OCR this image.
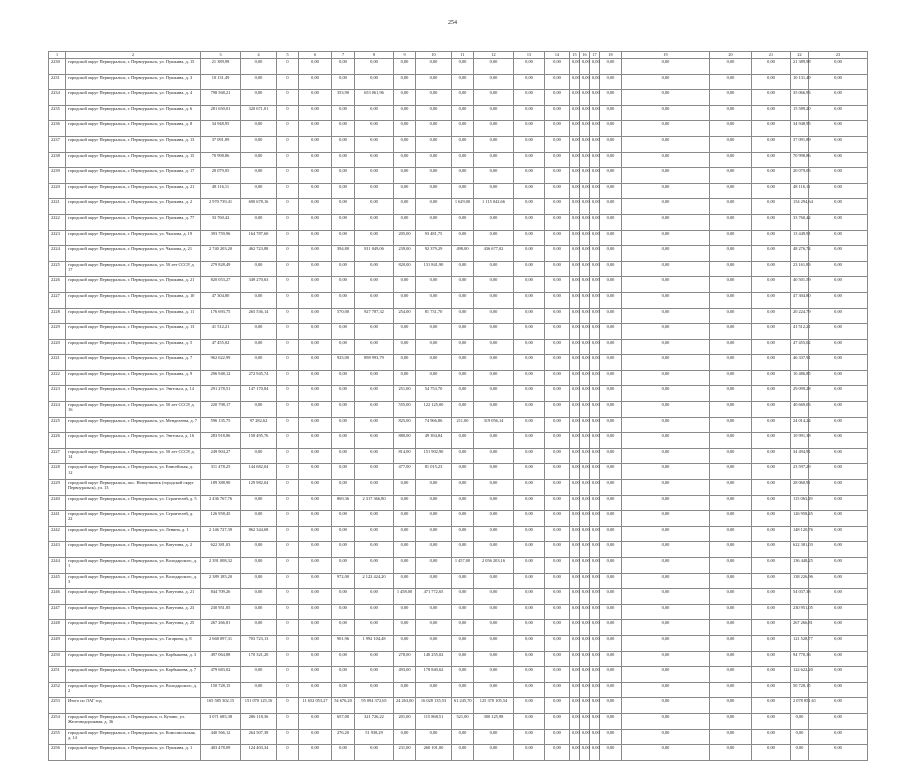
254
1	2	3	4	5	6	7	8	9	10	11	12	13	14	15	16	17	18	19	20	21	22	23	
2230	городской округ Первоуральск, г. Первоуральск, ул. Пушкина, д. 15	21 389,98	0,00	0	0,00	0,00	0,00	0,00	0,00	0,00	0,00	0,00	0,00	0,00	0,00	0,00	0,00	0,00	0,00	0,00	21 389,98	0,00	
2231	городской округ Первоуральск, г. Первоуральск, ул. Пушкина, д. 3	10 131,49	0,00	0	0,00	0,00	0,00	0,00	0,00	0,00	0,00	0,00	0,00	0,00	0,00	0,00	0,00	0,00	0,00	0,00	10 131,49	0,00	
2234	городской округ Первоуральск, г. Первоуральск, ул. Пушкина, д. 4	798 568,21	0,00	0	0,00	353,90	653 061,96	0,00	0,00	0,00	0,00	0,00	0,00	0,00	0,00	0,00	0,00	0,00	0,00	0,00	35 066,93	0,00	
2235	городской округ Первоуральск, г. Первоуральск, ул. Пушкина, д. 6	281 650,01	320 671,01	0	0,00	0,00	0,00	0,00	0,00	0,00	0,00	0,00	0,00	0,00	0,00	0,00	0,00	0,00	0,00	0,00	15 589,20	0,00	
2236	городской округ Первоуральск, г. Первоуральск, ул. Пушкина, д. 8	34 948,95	0,00	0	0,00	0,00	0,00	0,00	0,00	0,00	0,00	0,00	0,00	0,00	0,00	0,00	0,00	0,00	0,00	0,00	34 948,95	0,00	
2237	городской округ Первоуральск, г. Первоуральск, ул. Пушкина, д. 13	37 091,89	0,00	0	0,00	0,00	0,00	0,00	0,00	0,00	0,00	0,00	0,00	0,00	0,00	0,00	0,00	0,00	0,00	0,00	37 091,89	0,00	
2238	городской округ Первоуральск, г. Первоуральск, ул. Пушкина, д. 15	70 998,86	0,00	0	0,00	0,00	0,00	0,00	0,00	0,00	0,00	0,00	0,00	0,00	0,00	0,00	0,00	0,00	0,00	0,00	70 998,86	0,00	
2239	городской округ Первоуральск, г. Первоуральск, ул. Пушкина, д. 17	20 079,05	0,00	0	0,00	0,00	0,00	0,00	0,00	0,00	0,00	0,00	0,00	0,00	0,00	0,00	0,00	0,00	0,00	0,00	20 079,05	0,00	
2220	городской округ Первоуральск, г. Первоуральск, ул. Пушкина, д. 21	48 116,11	0,00	0	0,00	0,00	0,00	0,00	0,00	0,00	0,00	0,00	0,00	0,00	0,00	0,00	0,00	0,00	0,00	0,00	48 116,11	0,00	
2221	городской округ Первоуральск, г. Первоуральск, ул. Пушкина, д. 2	2 970 739,41	690 678,16	0	0,00	0,00	0,00	0,00	0,00	1 629,00	1 115 042,66	0,00	0,00	0,00	0,00	0,00	0,00	0,00	0,00	0,00	154 294,64	0,00	
2222	городской округ Первоуральск, г. Первоуральск, ул. Пушкина, д. 77	33 760,42	0,00	0	0,00	0,00	0,00	0,00	0,00	0,00	0,00	0,00	0,00	0,00	0,00	0,00	0,00	0,00	0,00	0,00	33 760,42	0,00	
2223	городской округ Первоуральск, г. Первоуральск, ул. Чкалова, д. 19	393 759,96	164 787,60	0	0,00	0,00	0,00	205,00	93 481,75	0,00	0,00	0,00	0,00	0,00	0,00	0,00	0,00	0,00	0,00	0,00	13 449,91	0,00	
2224	городской округ Первоуральск, г. Первоуральск, ул. Чкалова, д. 21	2 740 203,20	462 723,88	0	0,00	394,80	811 049,06	239,00	92 379,29	498,00	436 677,02	0,00	0,00	0,00	0,00	0,00	0,00	0,00	0,00	0,00	48 276,74	0,00	
2225	городской округ Первоуральск, г. Первоуральск, ул. 50 лет СССР, д. 17	279 828,49	0,00	0	0,00	0,00	0,00	820,00	131 841,90	0,00	0,00	0,00	0,00	0,00	0,00	0,00	0,00	0,00	0,00	0,00	23 161,83	0,00	
2226	городской округ Первоуральск, г. Первоуральск, ул. Пушкина, д. 21	820 053,27	349 270,63	0	0,00	0,00	0,00	0,00	0,00	0,00	0,00	0,00	0,00	0,00	0,00	0,00	0,00	0,00	0,00	0,00	40 501,59	0,00	
2227	городской округ Первоуральск, г. Первоуральск, ул. Пушкина, д. 10	47 304,80	0,00	0	0,00	0,00	0,00	0,00	0,00	0,00	0,00	0,00	0,00	0,00	0,00	0,00	0,00	0,00	0,00	0,00	47 304,80	0,00	
2228	городской округ Первоуральск, г. Первоуральск, ул. Пушкина, д. 11	176 693,75	265 536,14	0	0,00	570,00	927 787,32	254,00	81 731,70	0,00	0,00	0,00	0,00	0,00	0,00	0,00	0,00	0,00	0,00	0,00	20 224,79	0,00	
2229	городской округ Первоуральск, г. Первоуральск, ул. Пушкина, д. 13	41 512,21	0,00	0	0,00	0,00	0,00	0,00	0,00	0,00	0,00	0,00	0,00	0,00	0,00	0,00	0,00	0,00	0,00	0,00	41 512,21	0,00	
2220	городской округ Первоуральск, г. Первоуральск, ул. Пушкина, д. 5	47 455,02	0,00	0	0,00	0,00	0,00	0,00	0,00	0,00	0,00	0,00	0,00	0,00	0,00	0,00	0,00	0,00	0,00	0,00	47 455,02	0,00	
2221	городской округ Первоуральск, г. Первоуральск, ул. Пушкина, д. 7	962 622,99	0,00	0	0,00	925,00	898 993,79	0,00	0,00	0,00	0,00	0,00	0,00	0,00	0,00	0,00	0,00	0,00	0,00	0,00	46 337,91	0,00	
2222	городской округ Первоуральск, г. Первоуральск, ул. Пушкина, д. 9	296 948,12	272 945,74	0	0,00	0,00	0,00	0,00	0,00	0,00	0,00	0,00	0,00	0,00	0,00	0,00	0,00	0,00	0,00	0,00	10 486,85	0,00	
2223	городской округ Первоуральск, г. Первоуральск, ул. Энгельса, д. 14	291 278,51	147 170,84	0	0,00	0,00	0,00	251,00	54 753,70	0,00	0,00	0,00	0,00	0,00	0,00	0,00	0,00	0,00	0,00	0,00	29 099,28	0,00	
2224	городской округ Первоуральск, г. Первоуральск, ул. 50 лет СССР, д. 16	220 798,17	0,00	0	0,00	0,00	0,00	555,00	122 125,00	0,00	0,00	0,00	0,00	0,00	0,00	0,00	0,00	0,00	0,00	0,00	40 669,03	0,00	
2225	городской округ Первоуральск, г. Первоуральск, ул. Менделеева, д. 7	596 135,75	97 282,62	0	0,00	0,00	0,00	825,00	74 966,86	211,00	319 056,14	0,00	0,00	0,00	0,00	0,00	0,00	0,00	0,00	0,00	24 014,24	0,00	
2226	городской округ Первоуральск, г. Первоуральск, ул. Энгельса, д. 16	283 918,86	158 495,76	0	0,00	0,00	0,00	880,00	49 394,84	0,00	0,00	0,00	0,00	0,00	0,00	0,00	0,00	0,00	0,00	0,00	10 991,38	0,00	
2227	городской округ Первоуральск, г. Первоуральск, ул. 50 лет СССР, д. 14	249 904,27	0,00	0	0,00	0,00	0,00	814,00	151 902,90	0,00	0,00	0,00	0,00	0,00	0,00	0,00	0,00	0,00	0,00	0,00	34 494,91	0,00	
2228	городской округ Первоуральск, г. Первоуральск, ул. Енисейская, д. 12	311 478,25	144 682,04	0	0,00	0,00	0,00	477,00	81 015,23	0,00	0,00	0,00	0,00	0,00	0,00	0,00	0,00	0,00	0,00	0,00	23 597,29	0,00	
2229	городской округ Первоуральск, пос. Новоуткинск (городской округ Первоуральск), ул. 13	189 388,90	129 982,04	0	0,00	0,00	0,00	0,00	0,00	0,00	0,00	0,00	0,00	0,00	0,00	0,00	0,00	0,00	0,00	0,00	28 060,91	0,00	
2240	городской округ Первоуральск, г. Первоуральск, ул. Строителей, д. 5	2 436 767,76	0,00	0	0,00	869,36	2 317 366,80	0,00	0,00	0,00	0,00	0,00	0,00	0,00	0,00	0,00	0,00	0,00	0,00	0,00	115 063,29	0,00	
2241	городской округ Первоуральск, г. Первоуральск, ул. Строителей, д. 22	126 958,45	0,00	0	0,00	0,00	0,00	0,00	0,00	0,00	0,00	0,00	0,00	0,00	0,00	0,00	0,00	0,00	0,00	0,00	126 958,45	0,00	
2242	городской округ Первоуральск, г. Первоуральск, ул. Ленина, д. 1	2 146 727,39	862 344,68	0	0,00	0,00	0,00	0,00	0,00	0,00	0,00	0,00	0,00	0,00	0,00	0,00	0,00	0,00	0,00	0,00	148 120,76	0,00	
2243	городской округ Первоуральск, г. Первоуральск, ул. Ватутина, д. 2	622 381,03	0,00	0	0,00	0,00	0,00	0,00	0,00	0,00	0,00	0,00	0,00	0,00	0,00	0,00	0,00	0,00	0,00	0,00	622 381,03	0,00	
2244	городской округ Первоуральск, г. Первоуральск, ул. Володарского, д. 1	2 391 008,32	0,00	0	0,00	0,00	0,00	0,00	0,00	1 457,00	2 056 203,16	0,00	0,00	0,00	0,00	0,00	0,00	0,00	0,00	0,00	136 448,25	0,00	
2245	городской округ Первоуральск, г. Первоуральск, ул. Володарского, д. 3	2 389 185,20	0,00	0	0,00	972,00	2 122 424,20	0,00	0,00	0,00	0,00	0,00	0,00	0,00	0,00	0,00	0,00	0,00	0,00	0,00	138 226,96	0,00	
2246	городской округ Первоуральск, г. Первоуральск, ул. Ватутина, д. 21	844 709,26	0,00	0	0,00	0,00	0,00	1 458,00	471 772,65	0,00	0,00	0,00	0,00	0,00	0,00	0,00	0,00	0,00	0,00	0,00	54 037,38	0,00	
2247	городской округ Первоуральск, г. Первоуральск, ул. Ватутина, д. 23	230 951,05	0,00	0	0,00	0,00	0,00	0,00	0,00	0,00	0,00	0,00	0,00	0,00	0,00	0,00	0,00	0,00	0,00	0,00	230 951,05	0,00	
2248	городской округ Первоуральск, г. Первоуральск, ул. Ватутина, д. 25	267 266,81	0,00	0	0,00	0,00	0,00	0,00	0,00	0,00	0,00	0,00	0,00	0,00	0,00	0,00	0,00	0,00	0,00	0,00	267 266,81	0,00	
2249	городской округ Первоуральск, г. Первоуральск, ул. Гагарина, д. 8	2 668 097,31	703 723,13	0	0,00	901,96	1 992 104,48	0,00	0,00	0,00	0,00	0,00	0,00	0,00	0,00	0,00	0,00	0,00	0,00	0,00	121 528,77	0,00	
2250	городской округ Первоуральск, г. Первоуральск, ул. Карбышева, д. 3	497 064,88	170 321,20	0	0,00	0,00	0,00	278,00	140 255,02	0,00	0,00	0,00	0,00	0,00	0,00	0,00	0,00	0,00	0,00	0,00	94 770,36	0,00	
2251	городской округ Первоуральск, г. Первоуральск, ул. Карбышева, д. 7	479 683,02	0,00	0	0,00	0,00	0,00	493,00	178 840,62	0,00	0,00	0,00	0,00	0,00	0,00	0,00	0,00	0,00	0,00	0,00	122 622,20	0,00	
2252	городской округ Первоуральск, г. Первоуральск, ул. Володарского, д. 2	150 728,15	0,00	0	0,00	0,00	0,00	0,00	0,00	0,00	0,00	0,00	0,00	0,00	0,00	0,00	0,00	0,00	0,00	0,00	50 728,15	0,00	
2253	Итого по ЛАГ год	165 585 302,15	151 070 125,16	0	11 652 053,27	54 676,20	95 094 372,65	24 263,00	16 028 135,53	61 245,70	125 370 105,54	0,00	0,00	0,00	0,00	0,00	0,00	0,00	0,00	0,00	2 078 851,61	0,00	
2254	городской округ Первоуральск, г. Первоуральск, п. Кузино, ул. Железнодорожная, д. 36	3 071 685,38	286 118,36	0	0,00	657,00	321 726,22	201,00	115 868,51	521,00	300 125,98	0,00	0,00	0,00	0,00	0,00	0,00	0,00	0,00	0,00	0,00	0,00	
2255	городской округ Первоуральск, г. Первоуральск, ул. Комсомольская, д. 14	440 566,12	264 507,38	0	0,00	276,20	51 938,29	0,00	0,00	0,00	0,00	0,00	0,00	0,00	0,00	0,00	0,00	0,00	0,00	0,00	0,00	0,00	
2256	городской округ Первоуральск, г. Первоуральск, ул. Пушкина, д. 1	403 478,09	124 403,34	0	0,00	0,00	0,00	231,00	260 101,00	0,00	0,00	0,00	0,00	0,00	0,00	0,00	0,00	0,00	0,00	0,00	0,00	0,00	
